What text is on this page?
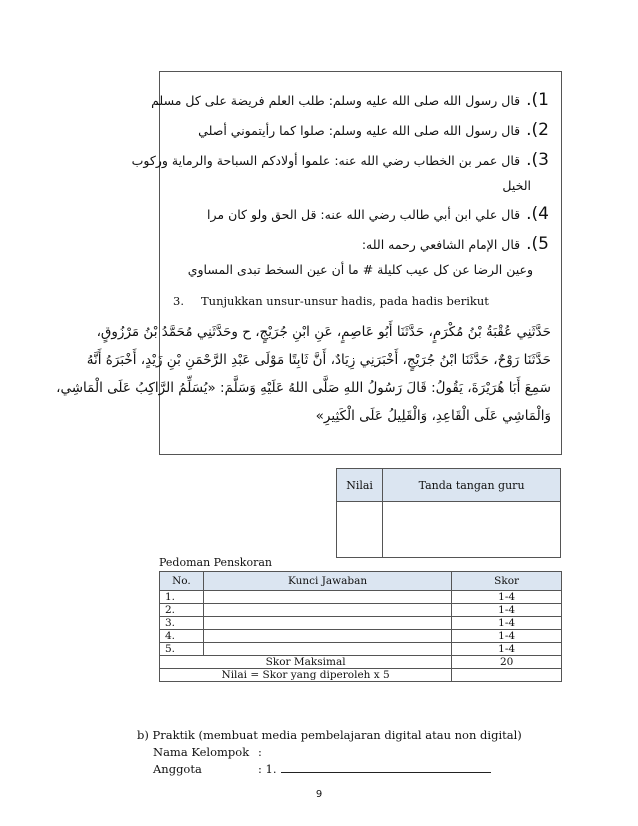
1). قال رسول الله صلى الله عليه وسلم: طلب العلم فريضة على كل مسلم
2). قال رسول الله صلى الله عليه وسلم: صلوا كما رأيتموني أصلي
3). قال عمر بن الخطاب رضي الله عنه: علموا أولادكم السباحة والرماية وركوب
الخيل
4). قال علي ابن أبي طالب رضي الله عنه: قل الحق ولو كان مرا
5). قال الإمام الشافعي رحمه الله:
وعين الرضا عن كل عيب كليلة # ما أن عين السخط تبدى المساوي
3. Tunjukkan unsur-unsur hadis, pada hadis berikut
حَدَّثَنِي عُقْبَةُ بْنُ مُكْرَمٍ، حَدَّثَنَا أَبُو عَاصِمٍ، عَنِ ابْنِ جُرَيْجٍ، ح وحَدَّثَنِي مُحَمَّدُ بْنُ مَرْزُوقٍ،
حَدَّثَنَا رَوْحٌ، حَدَّثَنَا ابْنُ جُرَيْجٍ، أَخْبَرَنِي زِيَادٌ، أَنَّ ثَابِتًا مَوْلَى عَبْدِ الرَّحْمَنِ بْنِ زَيْدٍ، أَخْبَرَهُ أَنَّهُ
سَمِعَ أَبَا هُرَيْرَةَ، يَقُولُ: قَالَ رَسُولُ اللهِ صَلَّى اللهُ عَلَيْهِ وَسَلَّمَ: «يُسَلِّمُ الرَّاكِبُ عَلَى الْمَاشِي،
وَالْمَاشِي عَلَى الْقَاعِدِ، وَالْقَلِيلُ عَلَى الْكَثِيرِ»
Nilai	Tanda tangan guru

Pedoman Penskoran
No.	Kunci Jawaban	Skor
1.		1-4
2.		1-4
3.		1-4
4.		1-4
5.		1-4
Skor Maksimal		20
Nilai = Skor yang diperoleh x 5		
b) Praktik (membuat media pembelajaran digital atau non digital)
Nama Kelompok :
Anggota	: 1.
9
